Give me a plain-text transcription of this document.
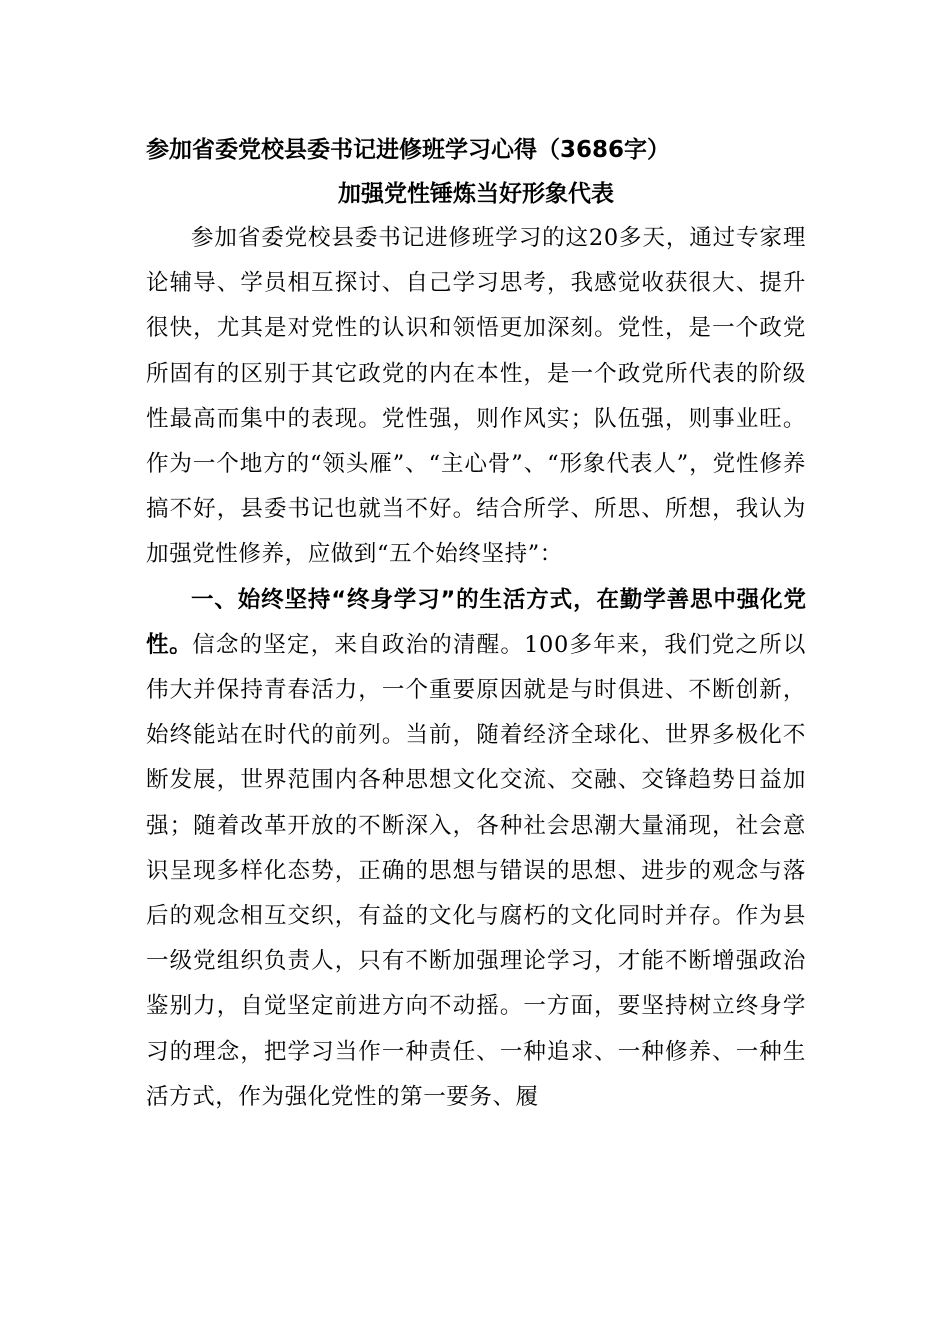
参加省委党校县委书记进修班学习心得（3686字）
加强党性锤炼当好形象代表

参加省委党校县委书记进修班学习的这20多天，通过专家理论辅导、学员相互探讨、自己学习思考，我感觉收获很大、提升很快，尤其是对党性的认识和领悟更加深刻。党性，是一个政党所固有的区别于其它政党的内在本性，是一个政党所代表的阶级性最高而集中的表现。党性强，则作风实；队伍强，则事业旺。作为一个地方的“领头雁”、“主心骨”、“形象代表人”，党性修养搞不好，县委书记也就当不好。结合所学、所思、所想，我认为加强党性修养，应做到“五个始终坚持”：

一、始终坚持“终身学习”的生活方式，在勤学善思中强化党性。信念的坚定，来自政治的清醒。100多年来，我们党之所以伟大并保持青春活力，一个重要原因就是与时俱进、不断创新，始终能站在时代的前列。当前，随着经济全球化、世界多极化不断发展，世界范围内各种思想文化交流、交融、交锋趋势日益加强；随着改革开放的不断深入，各种社会思潮大量涌现，社会意识呈现多样化态势，正确的思想与错误的思想、进步的观念与落后的观念相互交织，有益的文化与腐朽的文化同时并存。作为县一级党组织负责人，只有不断加强理论学习，才能不断增强政治鉴别力，自觉坚定前进方向不动摇。一方面，要坚持树立终身学习的理念，把学习当作一种责任、一种追求、一种修养、一种生活方式，作为强化党性的第一要务、履
